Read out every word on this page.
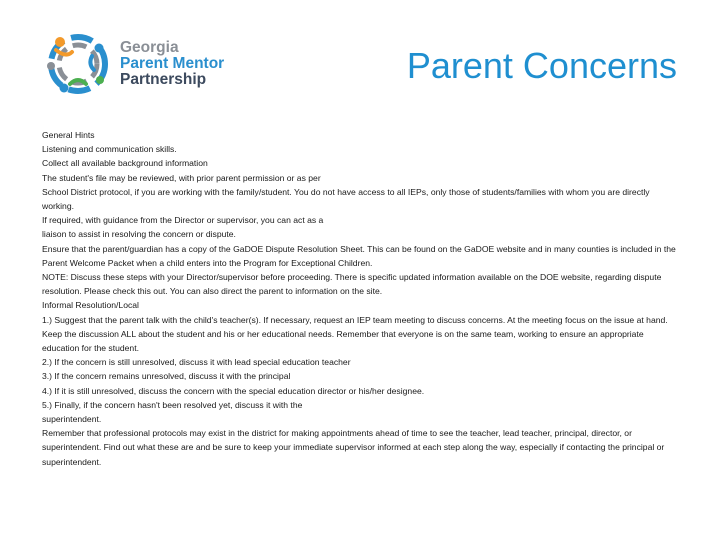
Georgia
Parent Mentor
Partnership	Parent Concerns

General Hints

Listening and communication skills.

Collect all available background information

The student's file may be reviewed, with prior parent permission or as per

School District protocol, if you are working with the family/student. You do not have access to all IEPs, only those of students/families with whom you are directly working.

If required, with guidance from the Director or supervisor, you can act as a

liaison to assist in resolving the concern or dispute.

Ensure that the parent/guardian has a copy of the GaDOE Dispute Resolution Sheet. This can be found on the GaDOE website and in many counties is included in the Parent Welcome Packet when a child enters into the Program for Exceptional Children.

NOTE: Discuss these steps with your Director/supervisor before proceeding. There is specific updated information available on the DOE website, regarding dispute resolution. Please check this out. You can also direct the parent to information on the site.

Informal Resolution/Local

1.) Suggest that the parent talk with the child's teacher(s). If necessary, request an IEP team meeting to discuss concerns. At the meeting focus on the issue at hand. Keep the discussion ALL about the student and his or her educational needs. Remember that everyone is on the same team, working to ensure an appropriate education for the student.

2.) If the concern is still unresolved, discuss it with lead special education teacher

3.) If the concern remains unresolved, discuss it with the principal

4.) If it is still unresolved, discuss the concern with the special education director or his/her designee.

5.) Finally, if the concern hasn't been resolved yet, discuss it with the

superintendent.

Remember that professional protocols may exist in the district for making appointments ahead of time to see the teacher, lead teacher, principal, director, or superintendent. Find out what these are and be sure to keep your immediate supervisor informed at each step along the way, especially if contacting the principal or superintendent.
